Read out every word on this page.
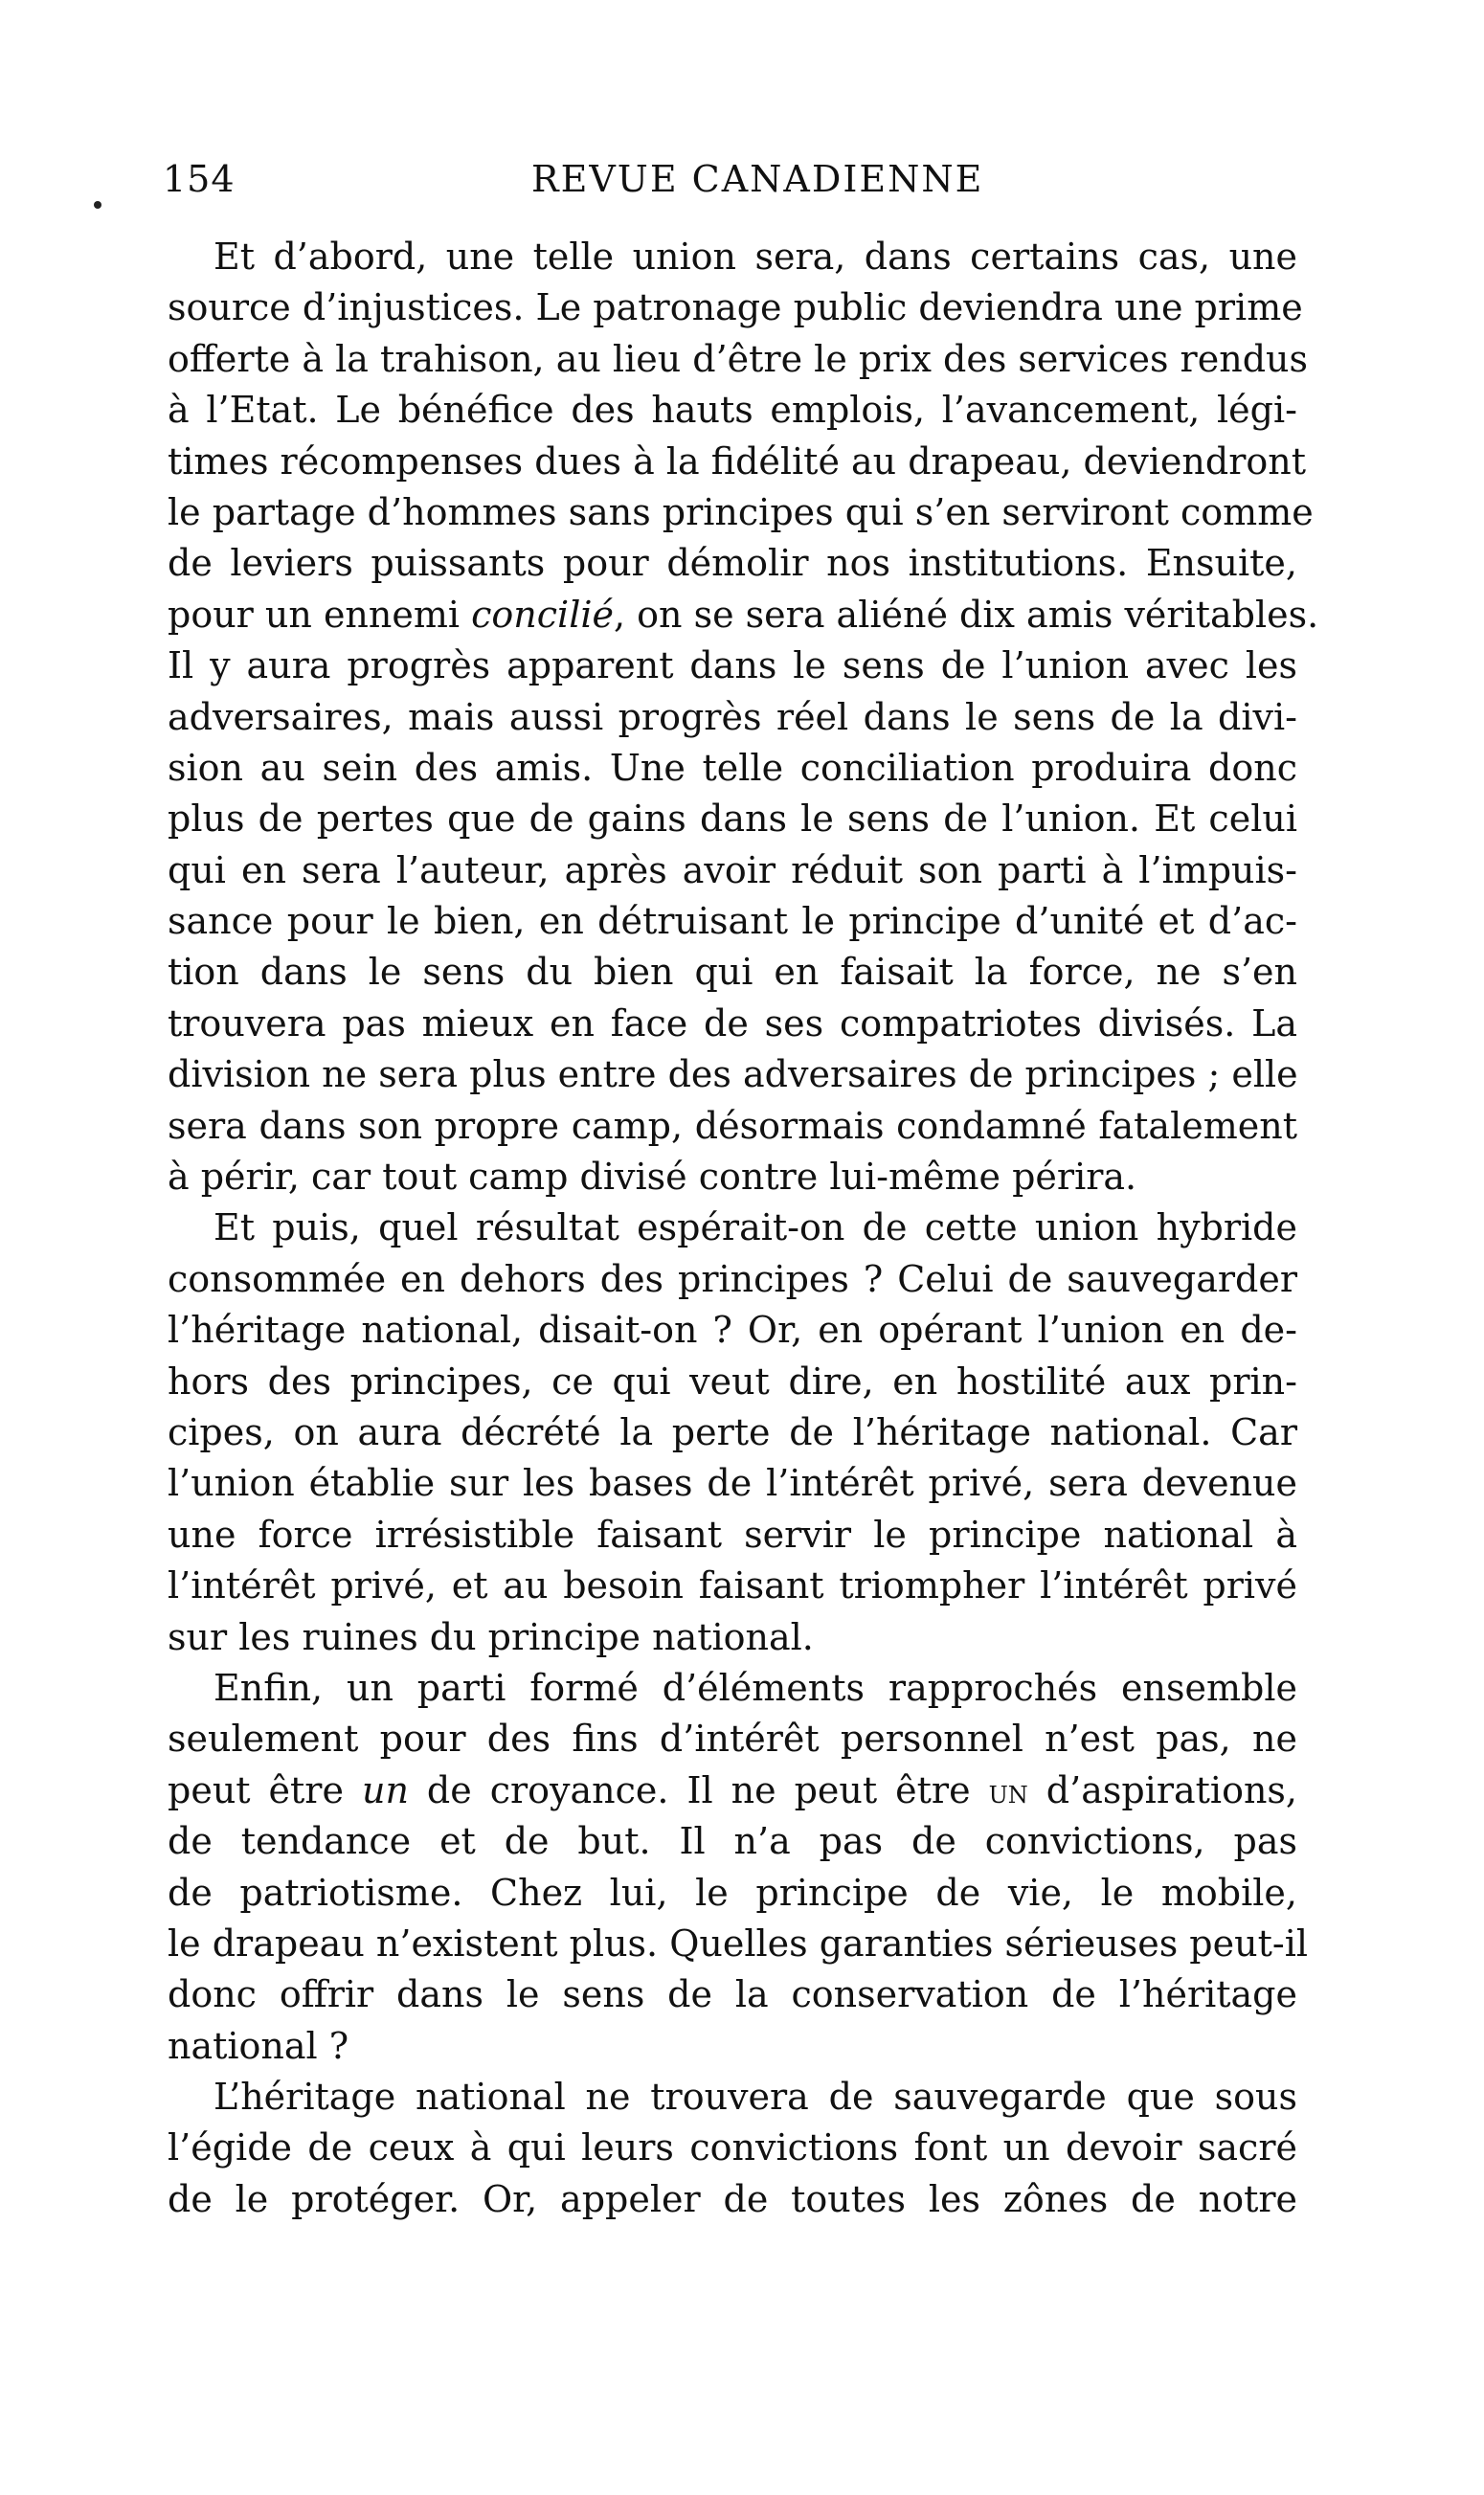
154	REVUE CANADIENNE
Et d’abord, une telle union sera, dans certains cas, une
source d’injustices. Le patronage public deviendra une prime
offerte à la trahison, au lieu d’être le prix des services rendus
à l’Etat. Le bénéfice des hauts emplois, l’avancement, légi-
times récompenses dues à la fidélité au drapeau, deviendront
le partage d’hommes sans principes qui s’en serviront comme
de leviers puissants pour démolir nos institutions. Ensuite,
pour un ennemi concilié, on se sera aliéné dix amis véritables.
Il y aura progrès apparent dans le sens de l’union avec les
adversaires, mais aussi progrès réel dans le sens de la divi-
sion au sein des amis. Une telle conciliation produira donc
plus de pertes que de gains dans le sens de l’union. Et celui
qui en sera l’auteur, après avoir réduit son parti à l’impuis-
sance pour le bien, en détruisant le principe d’unité et d’ac-
tion dans le sens du bien qui en faisait la force, ne s’en
trouvera pas mieux en face de ses compatriotes divisés. La
division ne sera plus entre des adversaires de principes ; elle
sera dans son propre camp, désormais condamné fatalement
à périr, car tout camp divisé contre lui-même périra.
Et puis, quel résultat espérait-on de cette union hybride
consommée en dehors des principes ? Celui de sauvegarder
l’héritage national, disait-on ? Or, en opérant l’union en de-
hors des principes, ce qui veut dire, en hostilité aux prin-
cipes, on aura décrété la perte de l’héritage national. Car
l’union établie sur les bases de l’intérêt privé, sera devenue
une force irrésistible faisant servir le principe national à
l’intérêt privé, et au besoin faisant triompher l’intérêt privé
sur les ruines du principe national.
Enfin, un parti formé d’éléments rapprochés ensemble
seulement pour des fins d’intérêt personnel n’est pas, ne
peut être un de croyance. Il ne peut être un d’aspirations,
de tendance et de but. Il n’a pas de convictions, pas
de patriotisme. Chez lui, le principe de vie, le mobile,
le drapeau n’existent plus. Quelles garanties sérieuses peut-il
donc offrir dans le sens de la conservation de l’héritage
national ?
L’héritage national ne trouvera de sauvegarde que sous
l’égide de ceux à qui leurs convictions font un devoir sacré
de le protéger. Or, appeler de toutes les zônes de notre
